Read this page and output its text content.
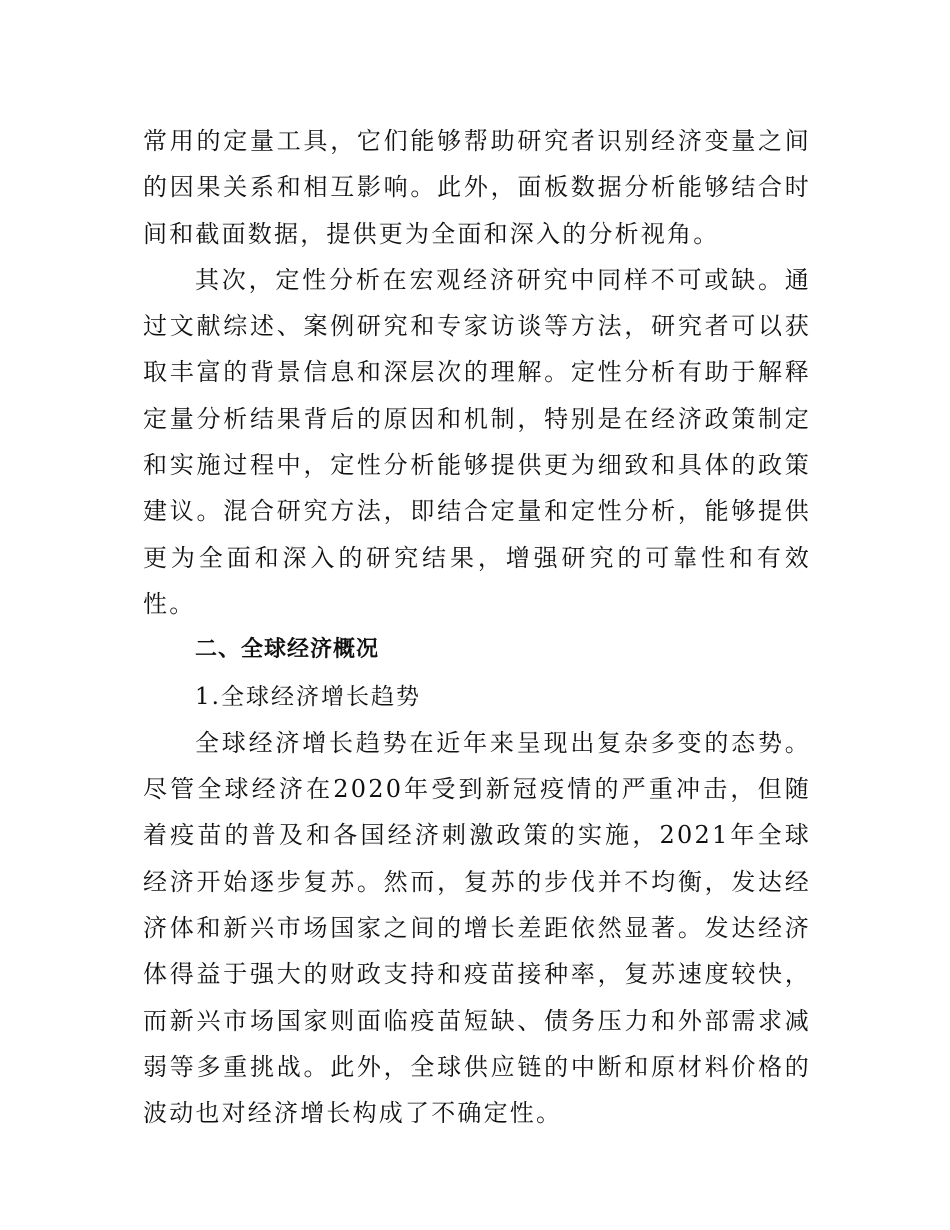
常用的定量工具，它们能够帮助研究者识别经济变量之间的因果关系和相互影响。此外，面板数据分析能够结合时间和截面数据，提供更为全面和深入的分析视角。

其次，定性分析在宏观经济研究中同样不可或缺。通过文献综述、案例研究和专家访谈等方法，研究者可以获取丰富的背景信息和深层次的理解。定性分析有助于解释定量分析结果背后的原因和机制，特别是在经济政策制定和实施过程中，定性分析能够提供更为细致和具体的政策建议。混合研究方法，即结合定量和定性分析，能够提供更为全面和深入的研究结果，增强研究的可靠性和有效性。

二、全球经济概况

1.全球经济增长趋势

全球经济增长趋势在近年来呈现出复杂多变的态势。尽管全球经济在2020年受到新冠疫情的严重冲击，但随着疫苗的普及和各国经济刺激政策的实施，2021年全球经济开始逐步复苏。然而，复苏的步伐并不均衡，发达经济体和新兴市场国家之间的增长差距依然显著。发达经济体得益于强大的财政支持和疫苗接种率，复苏速度较快，而新兴市场国家则面临疫苗短缺、债务压力和外部需求减弱等多重挑战。此外，全球供应链的中断和原材料价格的波动也对经济增长构成了不确定性。
